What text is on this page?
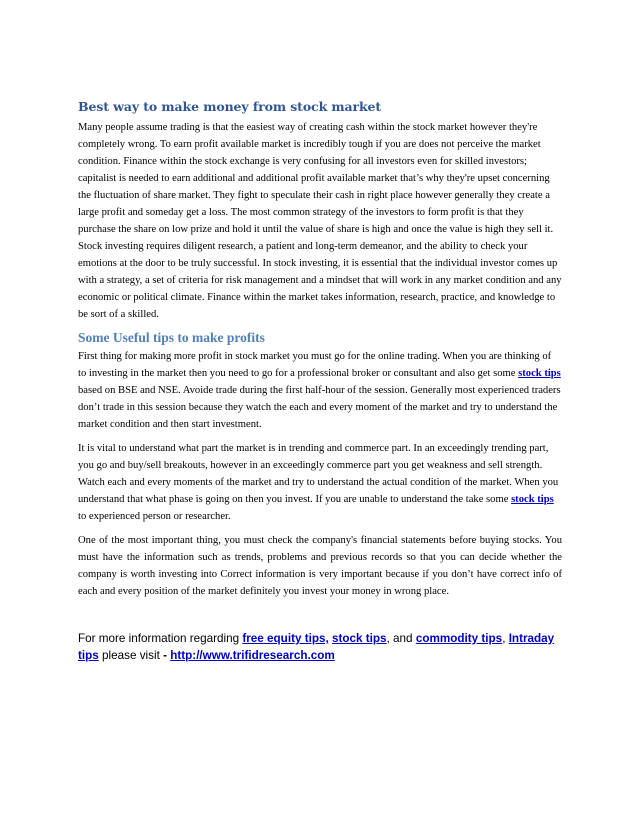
Best way to make money from stock market

Many people assume trading is that the easiest way of creating cash within the stock market however they're completely wrong. To earn profit available market is incredibly tough if you are does not perceive the market condition. Finance within the stock exchange is very confusing for all investors even for skilled investors; capitalist is needed to earn additional and additional profit available market that’s why they're upset concerning the fluctuation of share market. They fight to speculate their cash in right place however generally they create a large profit and someday get a loss. The most common strategy of the investors to form profit is that they purchase the share on low prize and hold it until the value of share is high and once the value is high they sell it. Stock investing requires diligent research, a patient and long-term demeanor, and the ability to check your emotions at the door to be truly successful. In stock investing, it is essential that the individual investor comes up with a strategy, a set of criteria for risk management and a mindset that will work in any market condition and any economic or political climate. Finance within the market takes information, research, practice, and knowledge to be sort of a skilled.

Some Useful tips to make profits

First thing for making more profit in stock market you must go for the online trading. When you are thinking of to investing in the market then you need to go for a professional broker or consultant and also get some stock tips based on BSE and NSE. Avoide trade during the first half-hour of the session. Generally most experienced traders don’t trade in this session because they watch the each and every moment of the market and try to understand the market condition and then start investment.

It is vital to understand what part the market is in trending and commerce part. In an exceedingly trending part, you go and buy/sell breakouts, however in an exceedingly commerce part you get weakness and sell strength. Watch each and every moments of the market and try to understand the actual condition of the market. When you understand that what phase is going on then you invest. If you are unable to understand the take some stock tips to experienced person or researcher.

One of the most important thing, you must check the company's financial statements before buying stocks. You must have the information such as trends, problems and previous records so that you can decide whether the company is worth investing into Correct information is very important because if you don’t have correct info of each and every position of the market definitely you invest your money in wrong place.

For more information regarding free equity tips, stock tips, and commodity tips, Intraday tips please visit - http://www.trifidresearch.com
